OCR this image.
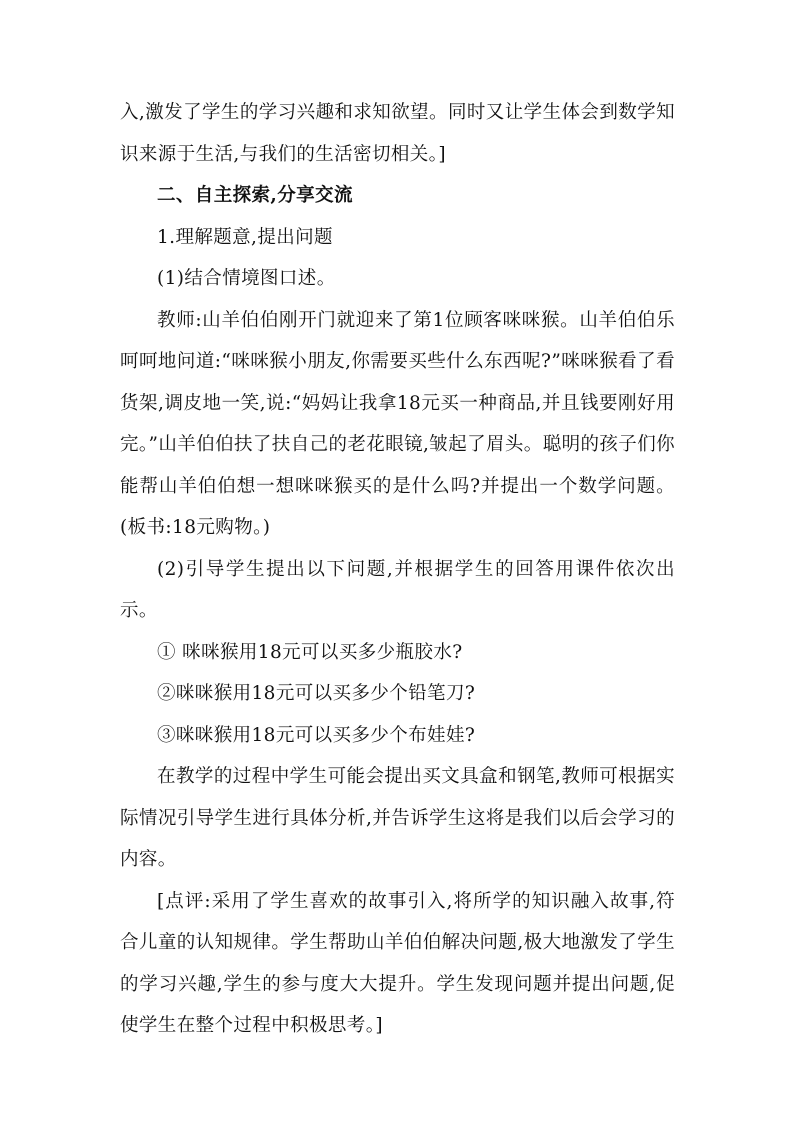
入,激发了学生的学习兴趣和求知欲望。同时又让学生体会到数学知识来源于生活,与我们的生活密切相关。]

二、自主探索,分享交流

1.理解题意,提出问题

(1)结合情境图口述。

教师:山羊伯伯刚开门就迎来了第1位顾客咪咪猴。山羊伯伯乐呵呵地问道:“咪咪猴小朋友,你需要买些什么东西呢?”咪咪猴看了看货架,调皮地一笑,说:“妈妈让我拿18元买一种商品,并且钱要刚好用完。”山羊伯伯扶了扶自己的老花眼镜,皱起了眉头。聪明的孩子们你能帮山羊伯伯想一想咪咪猴买的是什么吗?并提出一个数学问题。(板书:18元购物。)

(2)引导学生提出以下问题,并根据学生的回答用课件依次出示。

① 咪咪猴用18元可以买多少瓶胶水?

②咪咪猴用18元可以买多少个铅笔刀?

③咪咪猴用18元可以买多少个布娃娃?

在教学的过程中学生可能会提出买文具盒和钢笔,教师可根据实际情况引导学生进行具体分析,并告诉学生这将是我们以后会学习的内容。

[点评:采用了学生喜欢的故事引入,将所学的知识融入故事,符合儿童的认知规律。学生帮助山羊伯伯解决问题,极大地激发了学生的学习兴趣,学生的参与度大大提升。学生发现问题并提出问题,促使学生在整个过程中积极思考。]
